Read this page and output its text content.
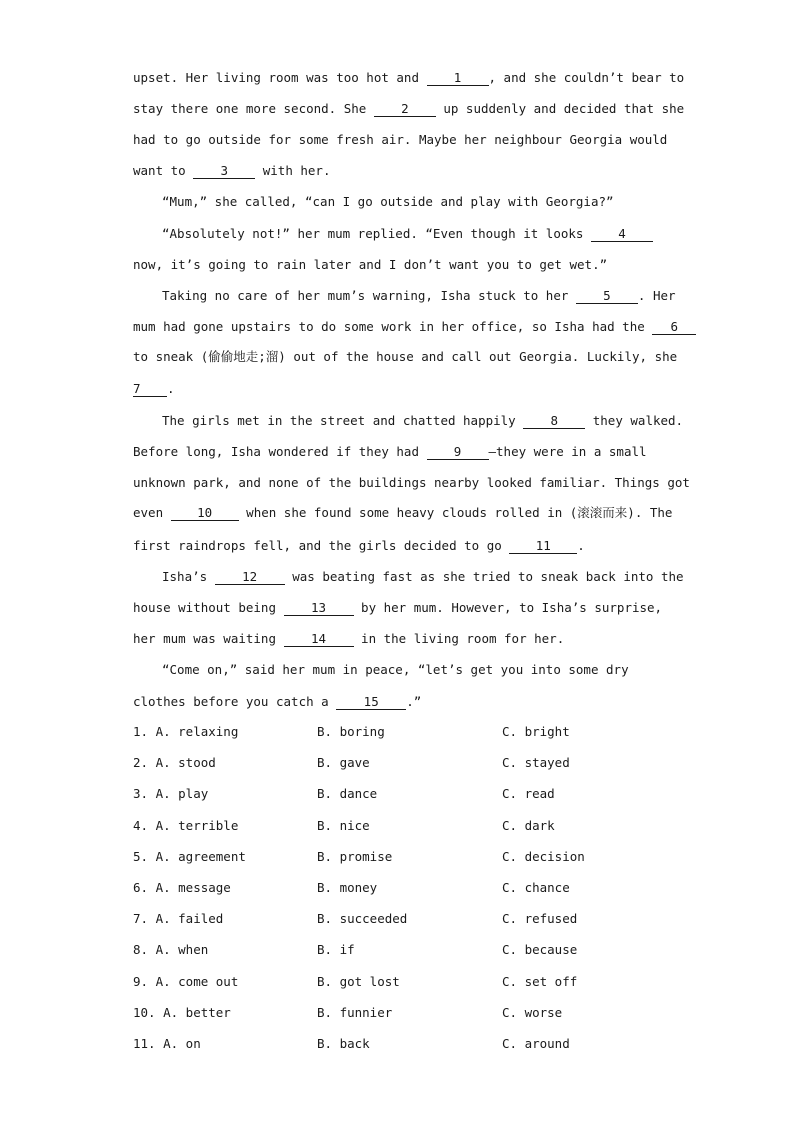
upset. Her living room was too hot and 1 , and she couldn’t bear to
stay there one more second. She 2 up suddenly and decided that she
had to go outside for some fresh air. Maybe her neighbour Georgia would
want to 3 with her.
“Mum,” she called, “can I go outside and play with Georgia?”
“Absolutely not!” her mum replied. “Even though it looks 4
now, it’s going to rain later and I don’t want you to get wet.”
Taking no care of her mum’s warning, Isha stuck to her 5 . Her
mum had gone upstairs to do some work in her office, so Isha had the 6
to sneak (偷偷地走;溜) out of the house and call out Georgia. Luckily, she
7 .
The girls met in the street and chatted happily 8 they walked.
Before long, Isha wondered if they had 9 —they were in a small
unknown park, and none of the buildings nearby looked familiar. Things got
even 10 when she found some heavy clouds rolled in (滚滚而来). The
first raindrops fell, and the girls decided to go 11 .
Isha’s 12 was beating fast as she tried to sneak back into the
house without being 13 by her mum. However, to Isha’s surprise,
her mum was waiting 14 in the living room for her.
“Come on,” said her mum in peace, “let’s get you into some dry
clothes before you catch a 15 .”
1. A. relaxing	B. boring	C. bright
2. A. stood	B. gave	C. stayed
3. A. play	B. dance	C. read
4. A. terrible	B. nice	C. dark
5. A. agreement	B. promise	C. decision
6. A. message	B. money	C. chance
7. A. failed	B. succeeded	C. refused
8. A. when	B. if	C. because
9. A. come out	B. got lost	C. set off
10. A. better	B. funnier	C. worse
11. A. on	B. back	C. around
